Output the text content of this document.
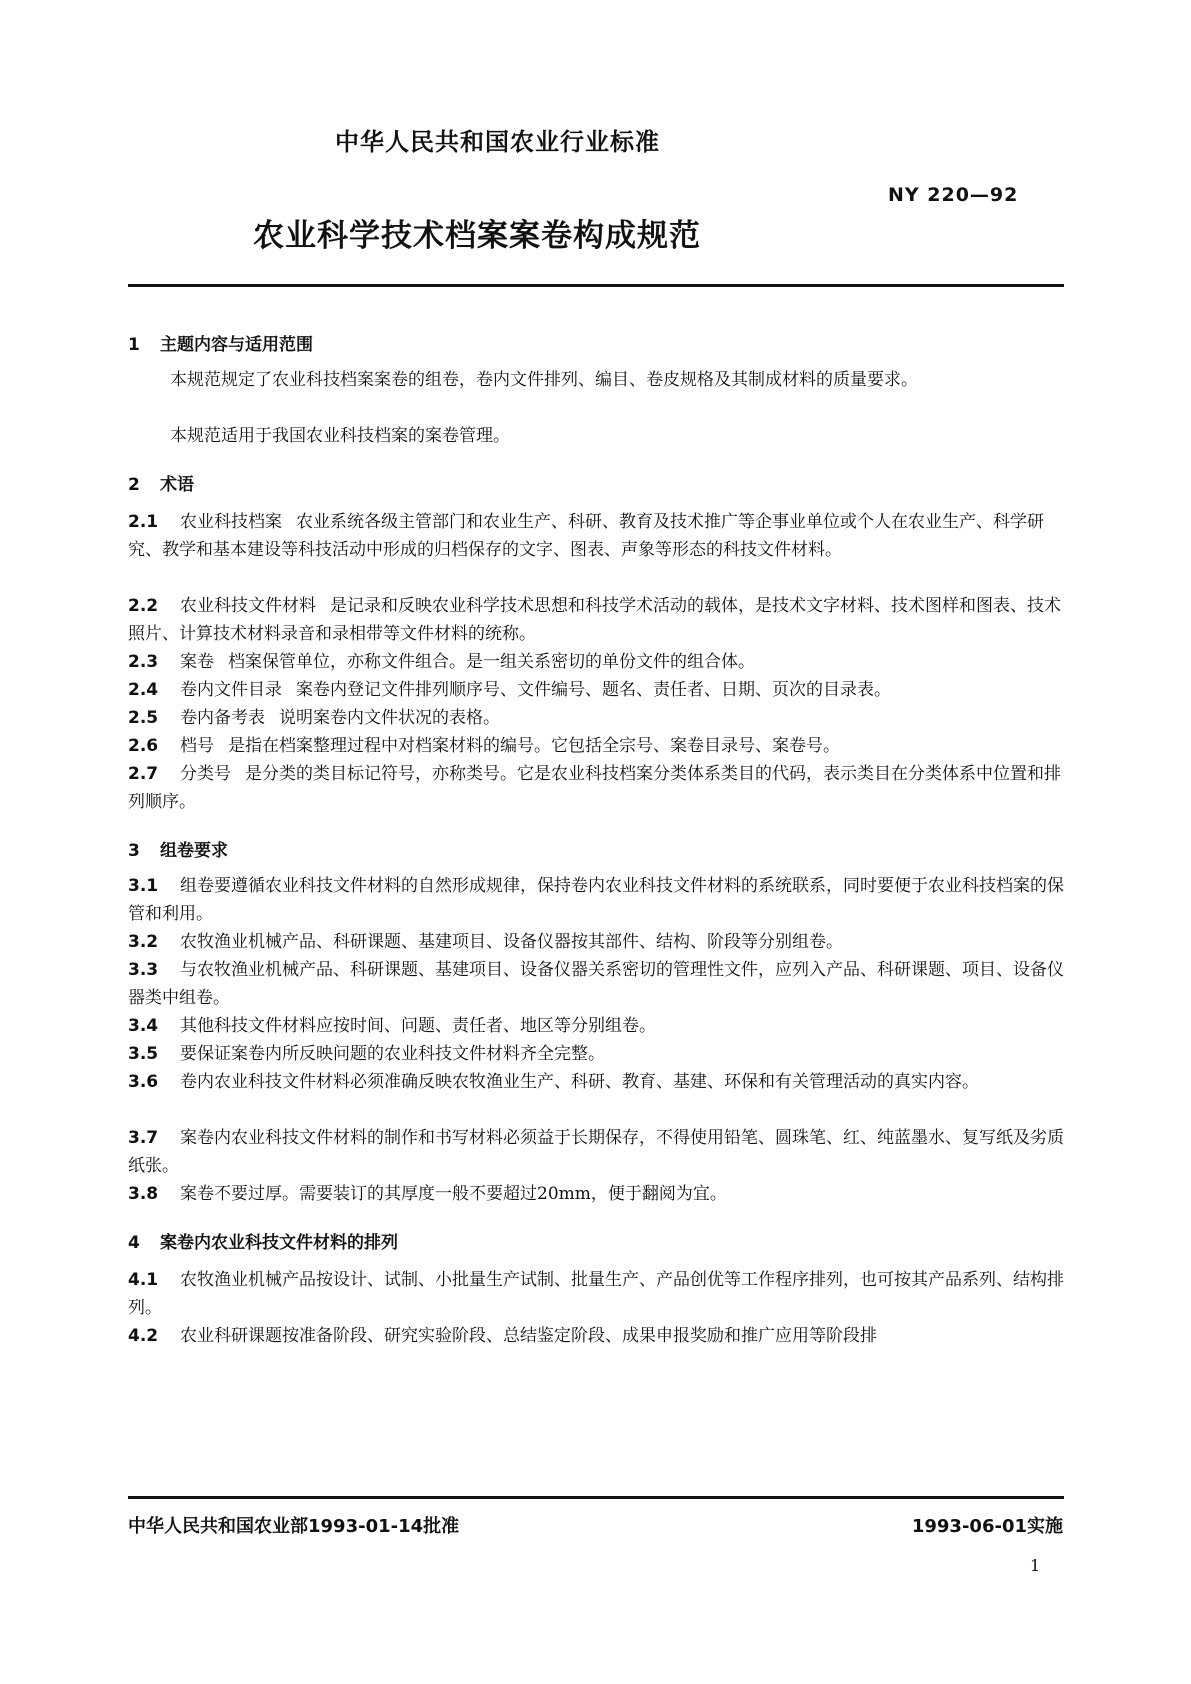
中华人民共和国农业行业标准
NY 220—92
农业科学技术档案案卷构成规范
1 主题内容与适用范围
本规范规定了农业科技档案案卷的组卷，卷内文件排列、编目、卷皮规格及其制成材料的质量要求。
本规范适用于我国农业科技档案的案卷管理。
2 术语
2.1 农业科技档案 农业系统各级主管部门和农业生产、科研、教育及技术推广等企事业单位或个人在农业生产、科学研究、教学和基本建设等科技活动中形成的归档保存的文字、图表、声象等形态的科技文件材料。
2.2 农业科技文件材料 是记录和反映农业科学技术思想和科技学术活动的载体，是技术文字材料、技术图样和图表、技术照片、计算技术材料录音和录相带等文件材料的统称。
2.3 案卷 档案保管单位，亦称文件组合。是一组关系密切的单份文件的组合体。
2.4 卷内文件目录 案卷内登记文件排列顺序号、文件编号、题名、责任者、日期、页次的目录表。
2.5 卷内备考表 说明案卷内文件状况的表格。
2.6 档号 是指在档案整理过程中对档案材料的编号。它包括全宗号、案卷目录号、案卷号。
2.7 分类号 是分类的类目标记符号，亦称类号。它是农业科技档案分类体系类目的代码，表示类目在分类体系中位置和排列顺序。
3 组卷要求
3.1 组卷要遵循农业科技文件材料的自然形成规律，保持卷内农业科技文件材料的系统联系，同时要便于农业科技档案的保管和利用。
3.2 农牧渔业机械产品、科研课题、基建项目、设备仪器按其部件、结构、阶段等分别组卷。
3.3 与农牧渔业机械产品、科研课题、基建项目、设备仪器关系密切的管理性文件，应列入产品、科研课题、项目、设备仪器类中组卷。
3.4 其他科技文件材料应按时间、问题、责任者、地区等分别组卷。
3.5 要保证案卷内所反映问题的农业科技文件材料齐全完整。
3.6 卷内农业科技文件材料必须准确反映农牧渔业生产、科研、教育、基建、环保和有关管理活动的真实内容。
3.7 案卷内农业科技文件材料的制作和书写材料必须益于长期保存，不得使用铅笔、圆珠笔、红、纯蓝墨水、复写纸及劣质纸张。
3.8 案卷不要过厚。需要装订的其厚度一般不要超过20mm，便于翻阅为宜。
4 案卷内农业科技文件材料的排列
4.1 农牧渔业机械产品按设计、试制、小批量生产试制、批量生产、产品创优等工作程序排列，也可按其产品系列、结构排列。
4.2 农业科研课题按准备阶段、研究实验阶段、总结鉴定阶段、成果申报奖励和推广应用等阶段排
中华人民共和国农业部1993-01-14批准	1993-06-01实施
1
